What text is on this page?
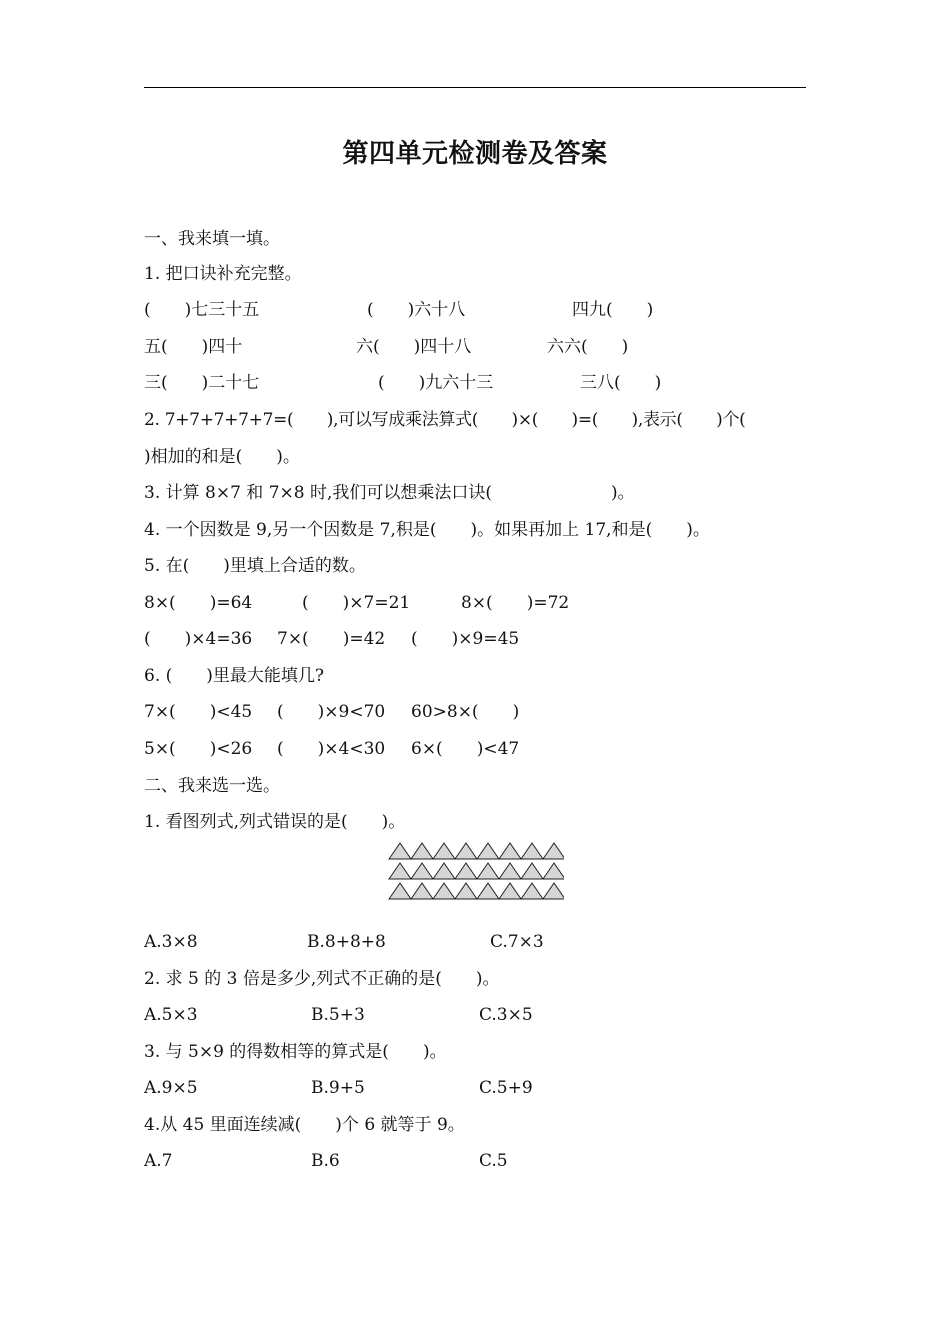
第四单元检测卷及答案
一、我来填一填。
1. 把口诀补充完整。
(　　)七三十五	(　　)六十八	四九(　　)
五(　　)四十	六(　　)四十八	六六(　　)
三(　　)二十七	(　　)九六十三	三八(　　)
2. 7+7+7+7+7=(　　),可以写成乘法算式(　　)×(　　)=(　　),表示(　　)个(
)相加的和是(　　)。
3. 计算 8×7 和 7×8 时,我们可以想乘法口诀(　　　　　　　)。
4. 一个因数是 9,另一个因数是 7,积是(　　)。如果再加上 17,和是(　　)。
5. 在(　　)里填上合适的数。
8×(　　)=64	(　　)×7=21	8×(　　)=72
(　　)×4=36 7×(　　)=42 (　　)×9=45
6. (　　)里最大能填几?
7×(　　)<45 (　　)×9<70 60>8×(　　)
5×(　　)<26 (　　)×4<30 6×(　　)<47
二、我来选一选。
1. 看图列式,列式错误的是(　　)。
A.3×8	B.8+8+8	C.7×3
2. 求 5 的 3 倍是多少,列式不正确的是(　　)。
A.5×3	B.5+3	C.3×5
3. 与 5×9 的得数相等的算式是(　　)。
A.9×5	B.9+5	C.5+9
4.从 45 里面连续减(　　)个 6 就等于 9。
A.7	B.6	C.5
